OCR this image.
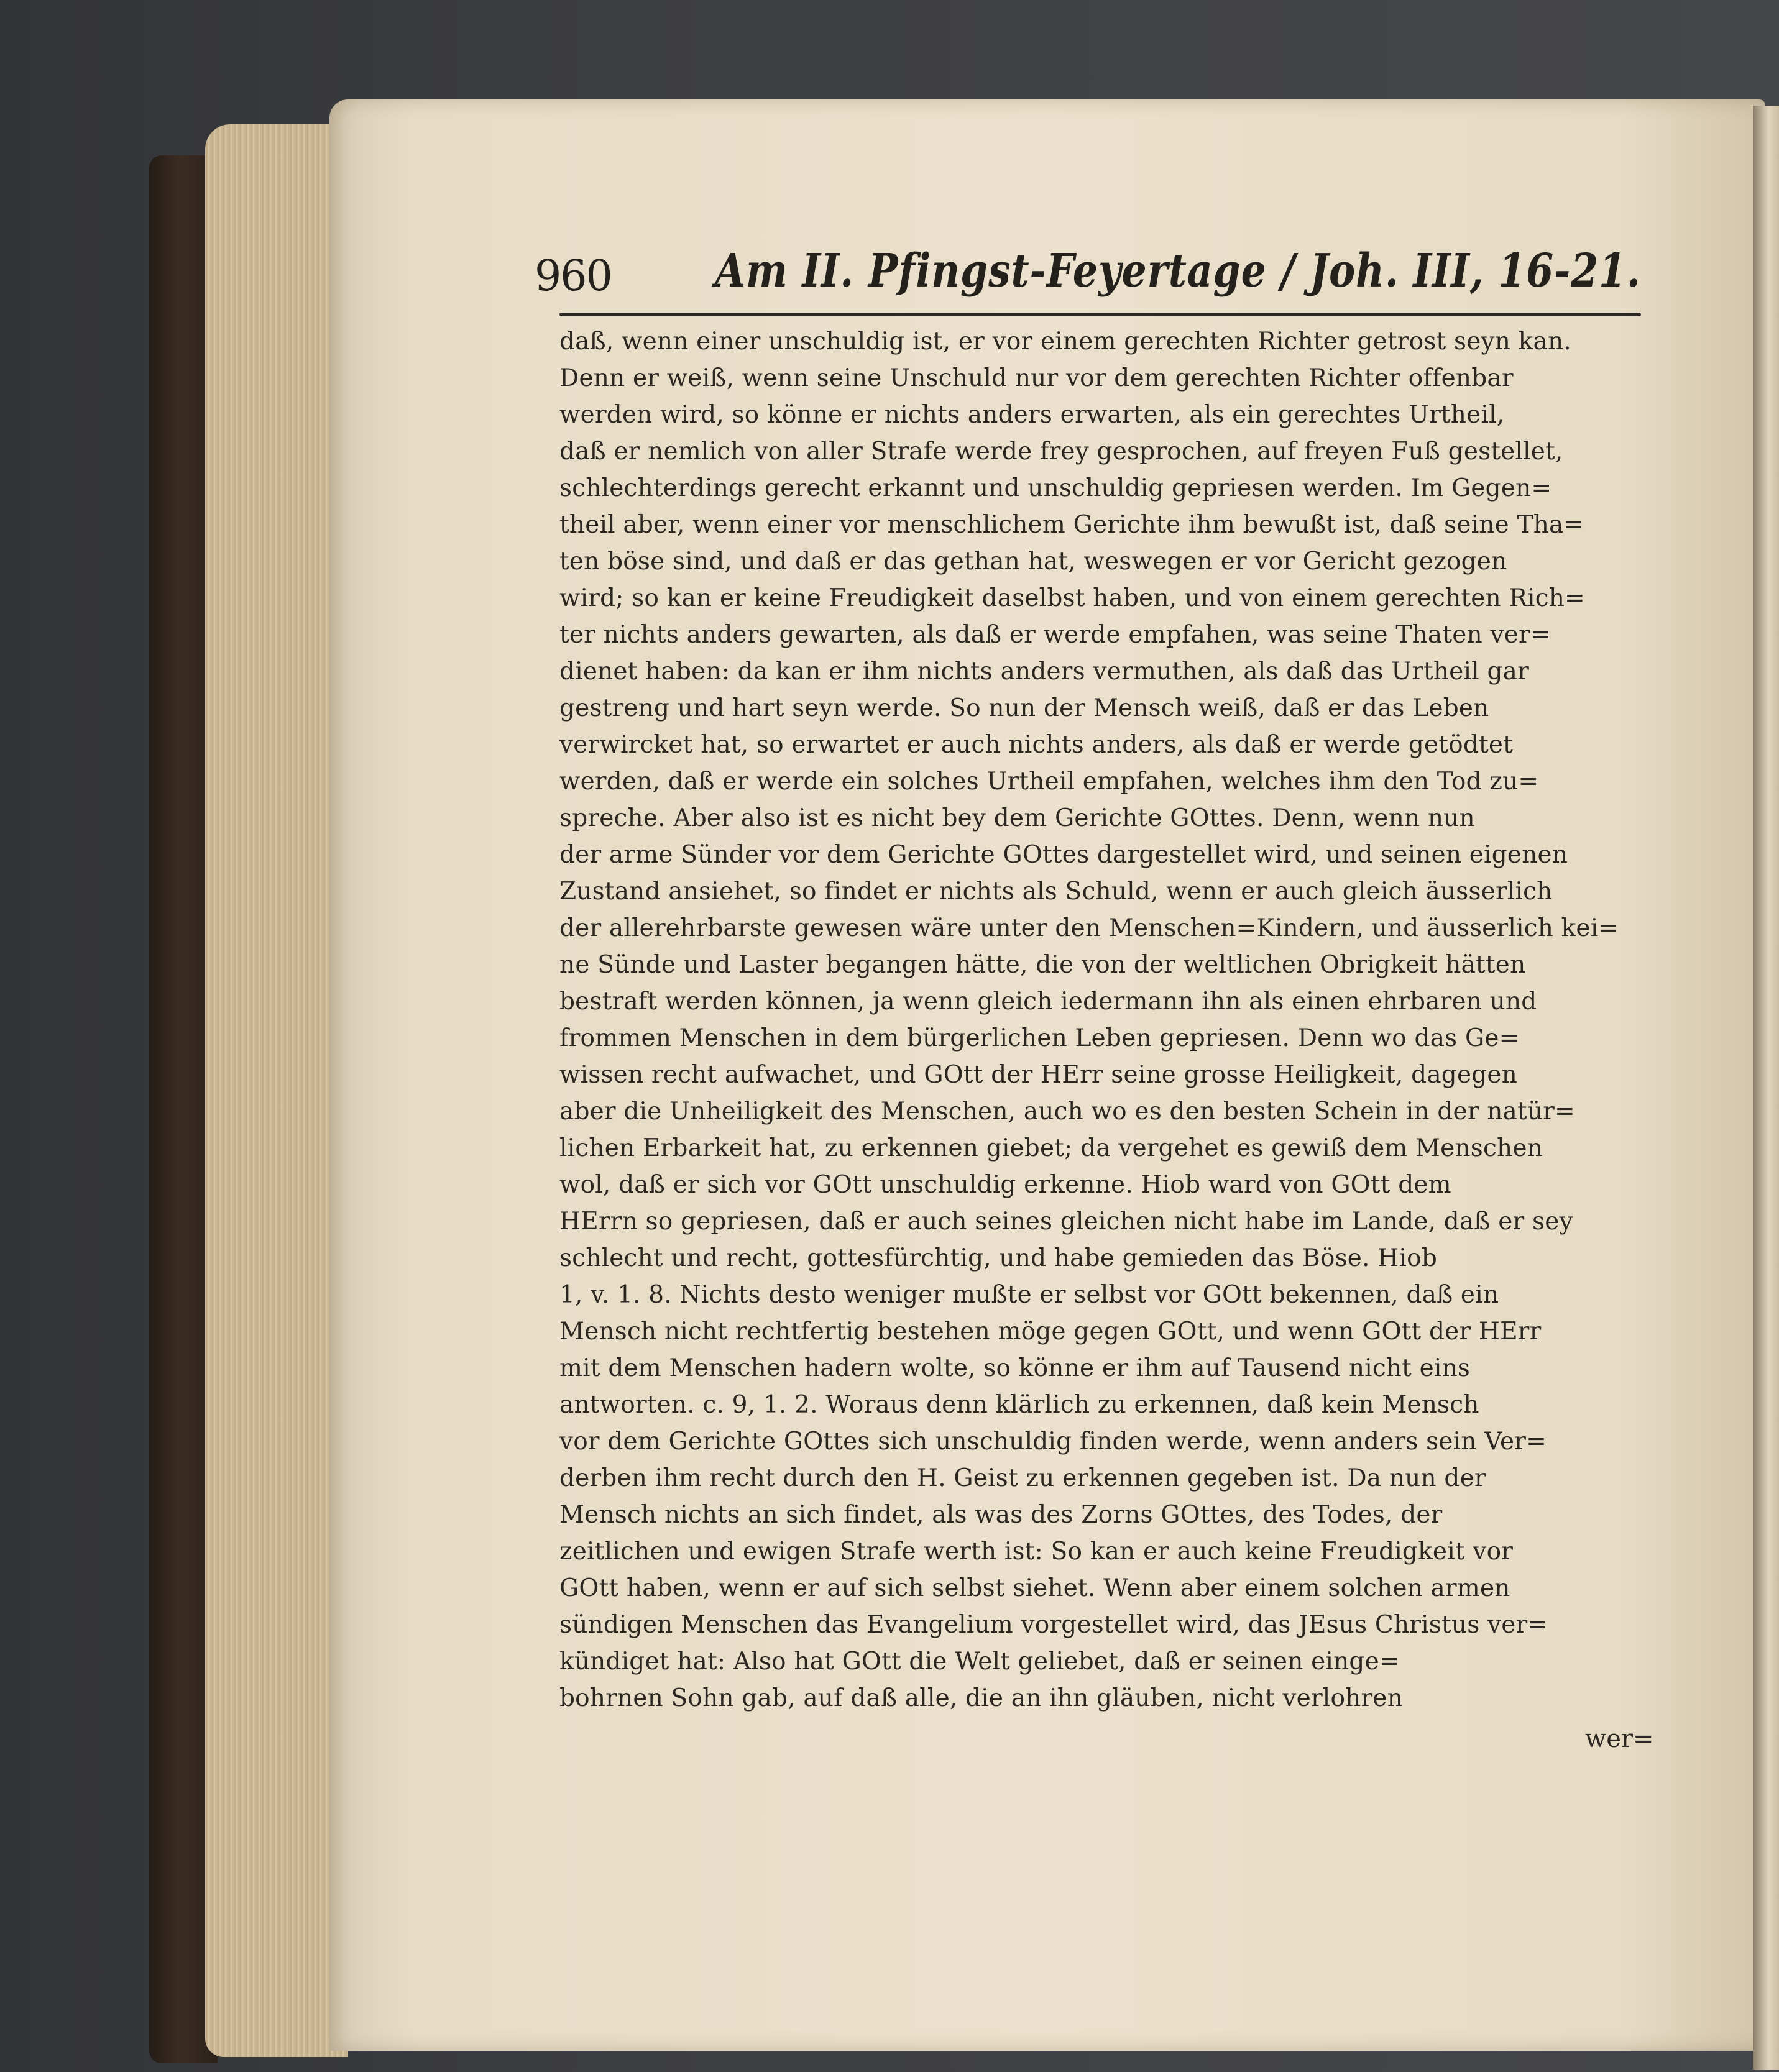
960 Am II. Pfingst-Feyertage / Joh. III, 16-21.
daß, wenn einer unschuldig ist, er vor einem gerechten Richter getrost seyn kan.
Denn er weiß, wenn seine Unschuld nur vor dem gerechten Richter offenbar
werden wird, so könne er nichts anders erwarten, als ein gerechtes Urtheil,
daß er nemlich von aller Strafe werde frey gesprochen, auf freyen Fuß gestellet,
schlechterdings gerecht erkannt und unschuldig gepriesen werden. Im Gegen=
theil aber, wenn einer vor menschlichem Gerichte ihm bewußt ist, daß seine Tha=
ten böse sind, und daß er das gethan hat, weswegen er vor Gericht gezogen
wird; so kan er keine Freudigkeit daselbst haben, und von einem gerechten Rich=
ter nichts anders gewarten, als daß er werde empfahen, was seine Thaten ver=
dienet haben: da kan er ihm nichts anders vermuthen, als daß das Urtheil gar
gestreng und hart seyn werde. So nun der Mensch weiß, daß er das Leben
verwircket hat, so erwartet er auch nichts anders, als daß er werde getödtet
werden, daß er werde ein solches Urtheil empfahen, welches ihm den Tod zu=
spreche. Aber also ist es nicht bey dem Gerichte GOttes. Denn, wenn nun
der arme Sünder vor dem Gerichte GOttes dargestellet wird, und seinen eigenen
Zustand ansiehet, so findet er nichts als Schuld, wenn er auch gleich äusserlich
der allerehrbarste gewesen wäre unter den Menschen=Kindern, und äusserlich kei=
ne Sünde und Laster begangen hätte, die von der weltlichen Obrigkeit hätten
bestraft werden können, ja wenn gleich iedermann ihn als einen ehrbaren und
frommen Menschen in dem bürgerlichen Leben gepriesen. Denn wo das Ge=
wissen recht aufwachet, und GOtt der HErr seine grosse Heiligkeit, dagegen
aber die Unheiligkeit des Menschen, auch wo es den besten Schein in der natür=
lichen Erbarkeit hat, zu erkennen giebet; da vergehet es gewiß dem Menschen
wol, daß er sich vor GOtt unschuldig erkenne. Hiob ward von GOtt dem
HErrn so gepriesen, daß er auch seines gleichen nicht habe im Lande, daß er sey
schlecht und recht, gottesfürchtig, und habe gemieden das Böse. Hiob
1, v. 1. 8. Nichts desto weniger mußte er selbst vor GOtt bekennen, daß ein
Mensch nicht rechtfertig bestehen möge gegen GOtt, und wenn GOtt der HErr
mit dem Menschen hadern wolte, so könne er ihm auf Tausend nicht eins
antworten. c. 9, 1. 2. Woraus denn klärlich zu erkennen, daß kein Mensch
vor dem Gerichte GOttes sich unschuldig finden werde, wenn anders sein Ver=
derben ihm recht durch den H. Geist zu erkennen gegeben ist. Da nun der
Mensch nichts an sich findet, als was des Zorns GOttes, des Todes, der
zeitlichen und ewigen Strafe werth ist: So kan er auch keine Freudigkeit vor
GOtt haben, wenn er auf sich selbst siehet. Wenn aber einem solchen armen
sündigen Menschen das Evangelium vorgestellet wird, das JEsus Christus ver=
kündiget hat: Also hat GOtt die Welt geliebet, daß er seinen einge=
bohrnen Sohn gab, auf daß alle, die an ihn gläuben, nicht verlohren
wer=
